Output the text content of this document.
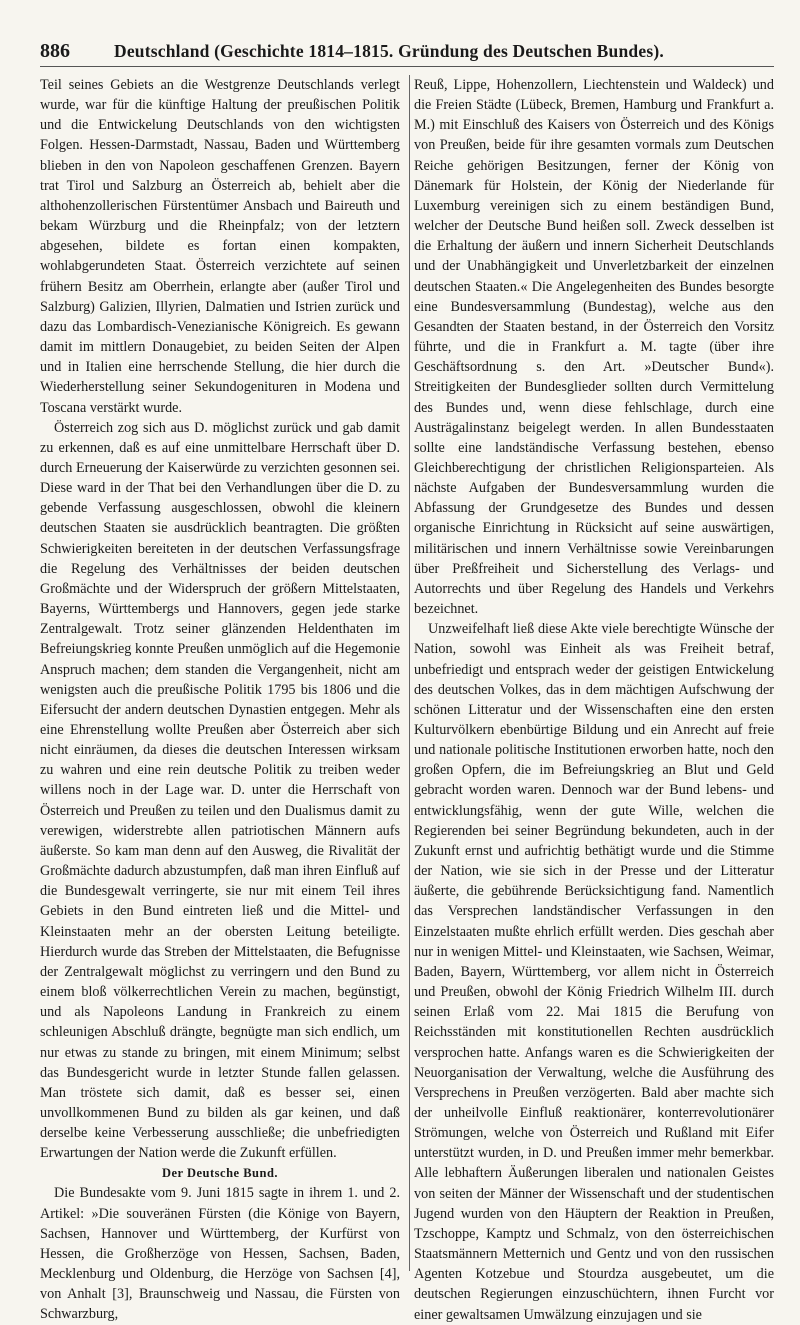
886	Deutschland (Geschichte 1814–1815. Gründung des Deutschen Bundes).

Teil seines Gebiets an die Westgrenze Deutschlands verlegt wurde, war für die künftige Haltung der preußischen Politik und die Entwickelung Deutschlands von den wichtigsten Folgen. Hessen-Darmstadt, Nassau, Baden und Württemberg blieben in den von Napoleon geschaffenen Grenzen. Bayern trat Tirol und Salzburg an Österreich ab, behielt aber die althohenzollerischen Fürstentümer Ansbach und Baireuth und bekam Würzburg und die Rheinpfalz; von der letztern abgesehen, bildete es fortan einen kompakten, wohlabgerundeten Staat. Österreich verzichtete auf seinen frühern Besitz am Oberrhein, erlangte aber (außer Tirol und Salzburg) Galizien, Illyrien, Dalmatien und Istrien zurück und dazu das Lombardisch-Venezianische Königreich. Es gewann damit im mittlern Donaugebiet, zu beiden Seiten der Alpen und in Italien eine herrschende Stellung, die hier durch die Wiederherstellung seiner Sekundogenituren in Modena und Toscana verstärkt wurde.

Österreich zog sich aus D. möglichst zurück und gab damit zu erkennen, daß es auf eine unmittelbare Herrschaft über D. durch Erneuerung der Kaiserwürde zu verzichten gesonnen sei. Diese ward in der That bei den Verhandlungen über die D. zu gebende Verfassung ausgeschlossen, obwohl die kleinern deutschen Staaten sie ausdrücklich beantragten. Die größten Schwierigkeiten bereiteten in der deutschen Verfassungsfrage die Regelung des Verhältnisses der beiden deutschen Großmächte und der Widerspruch der größern Mittelstaaten, Bayerns, Württembergs und Hannovers, gegen jede starke Zentralgewalt. Trotz seiner glänzenden Heldenthaten im Befreiungskrieg konnte Preußen unmöglich auf die Hegemonie Anspruch machen; dem standen die Vergangenheit, nicht am wenigsten auch die preußische Politik 1795 bis 1806 und die Eifersucht der andern deutschen Dynastien entgegen. Mehr als eine Ehrenstellung wollte Preußen aber Österreich aber sich nicht einräumen, da dieses die deutschen Interessen wirksam zu wahren und eine rein deutsche Politik zu treiben weder willens noch in der Lage war. D. unter die Herrschaft von Österreich und Preußen zu teilen und den Dualismus damit zu verewigen, widerstrebte allen patriotischen Männern aufs äußerste. So kam man denn auf den Ausweg, die Rivalität der Großmächte dadurch abzustumpfen, daß man ihren Einfluß auf die Bundesgewalt verringerte, sie nur mit einem Teil ihres Gebiets in den Bund eintreten ließ und die Mittel- und Kleinstaaten mehr an der obersten Leitung beteiligte. Hierdurch wurde das Streben der Mittelstaaten, die Befugnisse der Zentralgewalt möglichst zu verringern und den Bund zu einem bloß völkerrechtlichen Verein zu machen, begünstigt, und als Napoleons Landung in Frankreich zu einem schleunigen Abschluß drängte, begnügte man sich endlich, um nur etwas zu stande zu bringen, mit einem Minimum; selbst das Bundesgericht wurde in letzter Stunde fallen gelassen. Man tröstete sich damit, daß es besser sei, einen unvollkommenen Bund zu bilden als gar keinen, und daß derselbe keine Verbesserung ausschließe; die unbefriedigten Erwartungen der Nation werde die Zukunft erfüllen.

Der Deutsche Bund.

Die Bundesakte vom 9. Juni 1815 sagte in ihrem 1. und 2. Artikel: »Die souveränen Fürsten (die Könige von Bayern, Sachsen, Hannover und Württemberg, der Kurfürst von Hessen, die Großherzöge von Hessen, Sachsen, Baden, Mecklenburg und Oldenburg, die Herzöge von Sachsen [4], von Anhalt [3], Braunschweig und Nassau, die Fürsten von Schwarzburg,

Reuß, Lippe, Hohenzollern, Liechtenstein und Waldeck) und die Freien Städte (Lübeck, Bremen, Hamburg und Frankfurt a. M.) mit Einschluß des Kaisers von Österreich und des Königs von Preußen, beide für ihre gesamten vormals zum Deutschen Reiche gehörigen Besitzungen, ferner der König von Dänemark für Holstein, der König der Niederlande für Luxemburg vereinigen sich zu einem beständigen Bund, welcher der Deutsche Bund heißen soll. Zweck desselben ist die Erhaltung der äußern und innern Sicherheit Deutschlands und der Unabhängigkeit und Unverletzbarkeit der einzelnen deutschen Staaten.« Die Angelegenheiten des Bundes besorgte eine Bundesversammlung (Bundestag), welche aus den Gesandten der Staaten bestand, in der Österreich den Vorsitz führte, und die in Frankfurt a. M. tagte (über ihre Geschäftsordnung s. den Art. »Deutscher Bund«). Streitigkeiten der Bundesglieder sollten durch Vermittelung des Bundes und, wenn diese fehlschlage, durch eine Austrägalinstanz beigelegt werden. In allen Bundesstaaten sollte eine landständische Verfassung bestehen, ebenso Gleichberechtigung der christlichen Religionsparteien. Als nächste Aufgaben der Bundesversammlung wurden die Abfassung der Grundgesetze des Bundes und dessen organische Einrichtung in Rücksicht auf seine auswärtigen, militärischen und innern Verhältnisse sowie Vereinbarungen über Preßfreiheit und Sicherstellung des Verlags- und Autorrechts und über Regelung des Handels und Verkehrs bezeichnet.

Unzweifelhaft ließ diese Akte viele berechtigte Wünsche der Nation, sowohl was Einheit als was Freiheit betraf, unbefriedigt und entsprach weder der geistigen Entwickelung des deutschen Volkes, das in dem mächtigen Aufschwung der schönen Litteratur und der Wissenschaften eine den ersten Kulturvölkern ebenbürtige Bildung und ein Anrecht auf freie und nationale politische Institutionen erworben hatte, noch den großen Opfern, die im Befreiungskrieg an Blut und Geld gebracht worden waren. Dennoch war der Bund lebens- und entwicklungsfähig, wenn der gute Wille, welchen die Regierenden bei seiner Begründung bekundeten, auch in der Zukunft ernst und aufrichtig bethätigt wurde und die Stimme der Nation, wie sie sich in der Presse und der Litteratur äußerte, die gebührende Berücksichtigung fand. Namentlich das Versprechen landständischer Verfassungen in den Einzelstaaten mußte ehrlich erfüllt werden. Dies geschah aber nur in wenigen Mittel- und Kleinstaaten, wie Sachsen, Weimar, Baden, Bayern, Württemberg, vor allem nicht in Österreich und Preußen, obwohl der König Friedrich Wilhelm III. durch seinen Erlaß vom 22. Mai 1815 die Berufung von Reichsständen mit konstitutionellen Rechten ausdrücklich versprochen hatte. Anfangs waren es die Schwierigkeiten der Neuorganisation der Verwaltung, welche die Ausführung des Versprechens in Preußen verzögerten. Bald aber machte sich der unheilvolle Einfluß reaktionärer, konterrevolutionärer Strömungen, welche von Österreich und Rußland mit Eifer unterstützt wurden, in D. und Preußen immer mehr bemerkbar. Alle lebhaftern Äußerungen liberalen und nationalen Geistes von seiten der Männer der Wissenschaft und der studentischen Jugend wurden von den Häuptern der Reaktion in Preußen, Tzschoppe, Kamptz und Schmalz, von den österreichischen Staatsmännern Metternich und Gentz und von den russischen Agenten Kotzebue und Stourdza ausgebeutet, um die deutschen Regierungen einzuschüchtern, ihnen Furcht vor einer gewaltsamen Umwälzung einzujagen und sie
